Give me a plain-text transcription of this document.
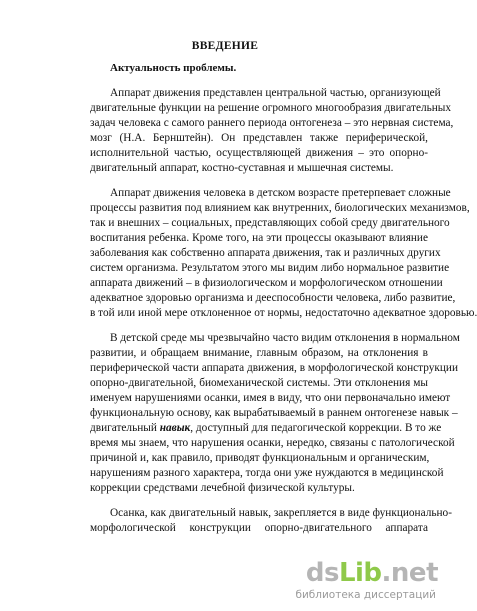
ВВЕДЕНИЕ
Актуальность проблемы.
Аппарат движения представлен центральной частью, организующей
двигательные функции на решение огромного многообразия двигательных
задач человека с самого раннего периода онтогенеза – это нервная система,
мозг (Н.А. Бернштейн). Он представлен также периферической,
исполнительной частью, осуществляющей движения – это опорно-
двигательный аппарат, костно-суставная и мышечная системы.
Аппарат движения человека в детском возрасте претерпевает сложные
процессы развития под влиянием как внутренних, биологических механизмов,
так и внешних – социальных, представляющих собой среду двигательного
воспитания ребенка. Кроме того, на эти процессы оказывают влияние
заболевания как собственно аппарата движения, так и различных других
систем организма. Результатом этого мы видим либо нормальное развитие
аппарата движений – в физиологическом и морфологическом отношении
адекватное здоровью организма и дееспособности человека, либо развитие,
в той или иной мере отклоненное от нормы, недостаточно адекватное здоровью.
В детской среде мы чрезвычайно часто видим отклонения в нормальном
развитии, и обращаем внимание, главным образом, на отклонения в
периферической части аппарата движения, в морфологической конструкции
опорно-двигательной, биомеханической системы. Эти отклонения мы
именуем нарушениями осанки, имея в виду, что они первоначально имеют
функциональную основу, как вырабатываемый в раннем онтогенезе навык –
двигательный навык, доступный для педагогической коррекции. В то же
время мы знаем, что нарушения осанки, нередко, связаны с патологической
причиной и, как правило, приводят функциональным и органическим,
нарушениям разного характера, тогда они уже нуждаются в медицинской
коррекции средствами лечебной физической культуры.
Осанка, как двигательный навык, закрепляется в виде функционально-
морфологической конструкции опорно-двигательного аппарата
dsLib.net
библиотека диссертаций
